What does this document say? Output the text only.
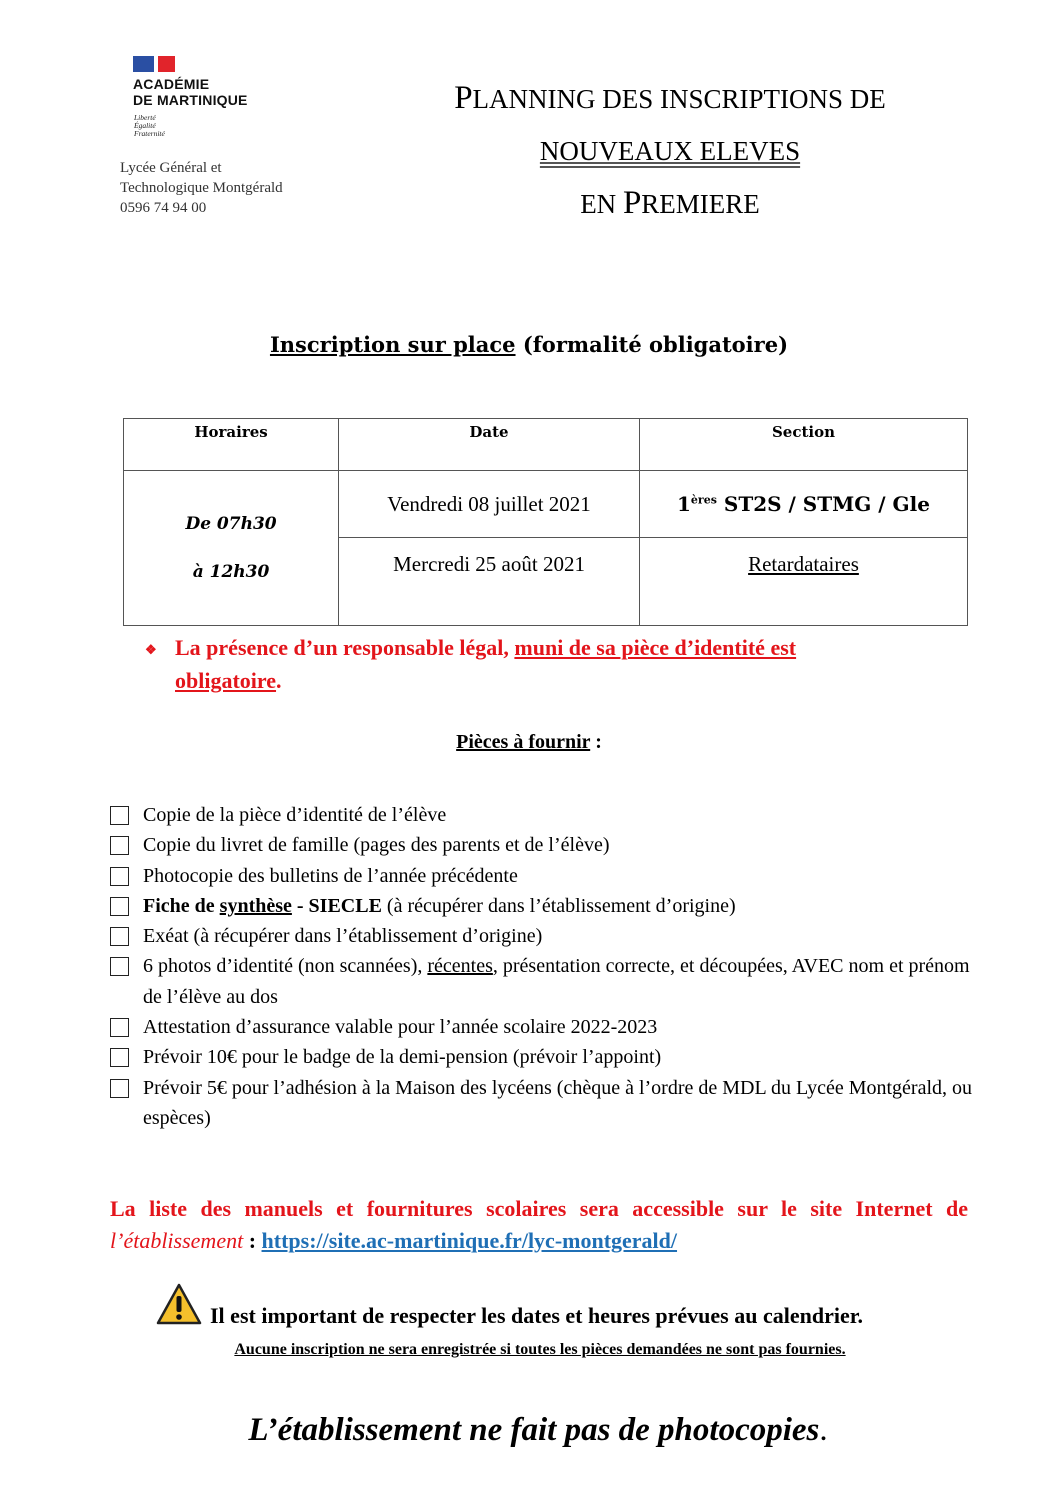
ACADÉMIE
DE MARTINIQUE
Liberté
Égalité
Fraternité
Lycée Général et
Technologique Montgérald
0596 74 94 00
PLANNING DES INSCRIPTIONS DE
NOUVEAUX ELEVES
EN PREMIERE
Inscription sur place (formalité obligatoire)
Horaires	Date	Section

De 07h30
à 12h30	Vendredi 08 juillet 2021	1ères ST2S / STMG / Gle
	Mercredi 25 août 2021	Retardataires
❖ La présence d’un responsable légal, muni de sa pièce d’identité est
obligatoire.
Pièces à fournir :
Copie de la pièce d’identité de l’élève
Copie du livret de famille (pages des parents et de l’élève)
Photocopie des bulletins de l’année précédente
Fiche de synthèse - SIECLE (à récupérer dans l’établissement d’origine)
Exéat (à récupérer dans l’établissement d’origine)
6 photos d’identité (non scannées), récentes, présentation correcte, et découpées, AVEC nom et prénom de l’élève au dos
Attestation d’assurance valable pour l’année scolaire 2022-2023
Prévoir 10€ pour le badge de la demi-pension (prévoir l’appoint)
Prévoir 5€ pour l’adhésion à la Maison des lycéens (chèque à l’ordre de MDL du Lycée Montgérald, ou espèces)
La liste des manuels et fournitures scolaires sera accessible sur le site Internet de l’établissement : https://site.ac-martinique.fr/lyc-montgerald/
Il est important de respecter les dates et heures prévues au calendrier.
Aucune inscription ne sera enregistrée si toutes les pièces demandées ne sont pas fournies.
L’établissement ne fait pas de photocopies.
